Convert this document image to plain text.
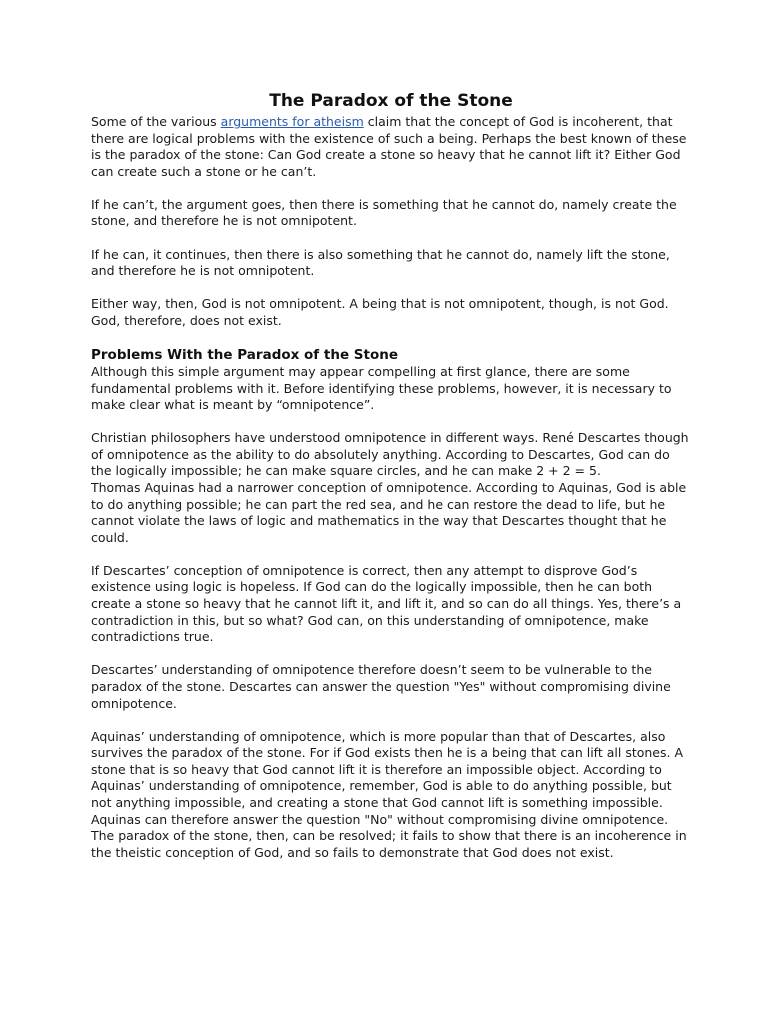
The Paradox of the Stone

Some of the various arguments for atheism claim that the concept of God is incoherent, that there are logical problems with the existence of such a being. Perhaps the best known of these is the paradox of the stone: Can God create a stone so heavy that he cannot lift it? Either God can create such a stone or he can’t.

If he can’t, the argument goes, then there is something that he cannot do, namely create the stone, and therefore he is not omnipotent.

If he can, it continues, then there is also something that he cannot do, namely lift the stone, and therefore he is not omnipotent.

Either way, then, God is not omnipotent. A being that is not omnipotent, though, is not God. God, therefore, does not exist.

Problems With the Paradox of the Stone

Although this simple argument may appear compelling at first glance, there are some fundamental problems with it. Before identifying these problems, however, it is necessary to make clear what is meant by “omnipotence”.

Christian philosophers have understood omnipotence in different ways. René Descartes though of omnipotence as the ability to do absolutely anything. According to Descartes, God can do the logically impossible; he can make square circles, and he can make 2 + 2 = 5.

Thomas Aquinas had a narrower conception of omnipotence. According to Aquinas, God is able to do anything possible; he can part the red sea, and he can restore the dead to life, but he cannot violate the laws of logic and mathematics in the way that Descartes thought that he could.

If Descartes’ conception of omnipotence is correct, then any attempt to disprove God’s existence using logic is hopeless. If God can do the logically impossible, then he can both create a stone so heavy that he cannot lift it, and lift it, and so can do all things. Yes, there’s a contradiction in this, but so what? God can, on this understanding of omnipotence, make contradictions true.

Descartes’ understanding of omnipotence therefore doesn’t seem to be vulnerable to the paradox of the stone. Descartes can answer the question "Yes" without compromising divine omnipotence.

Aquinas’ understanding of omnipotence, which is more popular than that of Descartes, also survives the paradox of the stone. For if God exists then he is a being that can lift all stones. A stone that is so heavy that God cannot lift it is therefore an impossible object. According to Aquinas’ understanding of omnipotence, remember, God is able to do anything possible, but not anything impossible, and creating a stone that God cannot lift is something impossible. Aquinas can therefore answer the question "No" without compromising divine omnipotence. The paradox of the stone, then, can be resolved; it fails to show that there is an incoherence in the theistic conception of God, and so fails to demonstrate that God does not exist.
